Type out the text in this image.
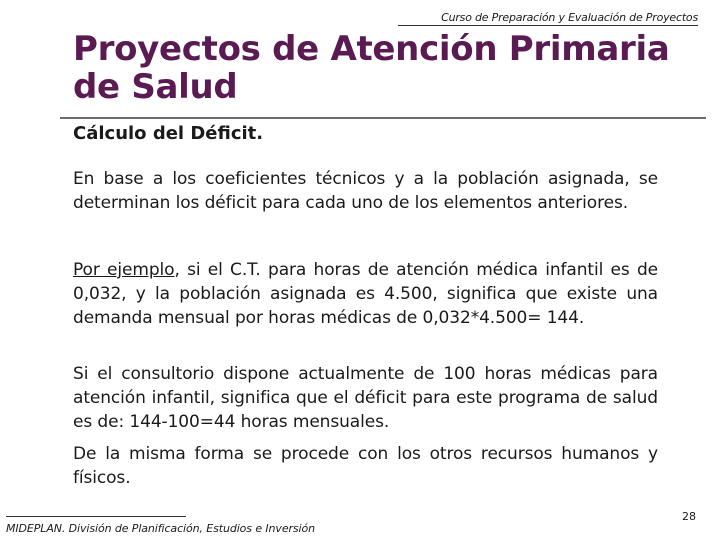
Curso de Preparación y Evaluación de Proyectos
Proyectos de Atención Primaria
de Salud
Cálculo del Déficit.

En base a los coeficientes técnicos y a la población asignada, se determinan los déficit para cada uno de los elementos anteriores.

Por ejemplo, si el C.T. para horas de atención médica infantil es de 0,032, y la población asignada es 4.500, significa que existe una demanda mensual por horas médicas de 0,032*4.500= 144.

Si el consultorio dispone actualmente de 100 horas médicas para atención infantil, significa que el déficit para este programa de salud es de: 144-100=44 horas mensuales.

De la misma forma se procede con los otros recursos humanos y físicos.

MIDEPLAN. División de Planificación, Estudios e Inversión
28
